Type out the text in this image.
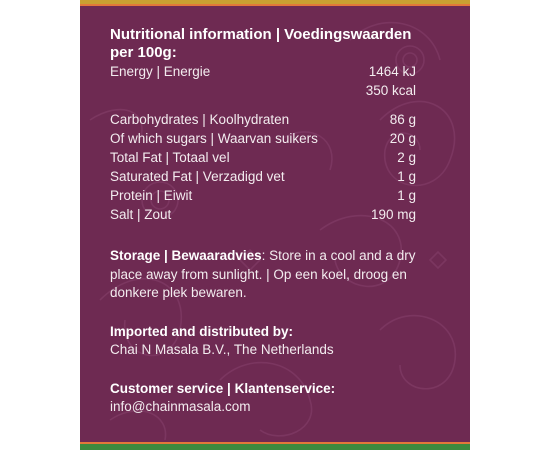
Nutritional information | Voedingswaarden
per 100g:
Energy | Energie	1464 kJ
350 kcal
Carbohydrates | Koolhydraten	86 g
Of which sugars | Waarvan suikers	20 g
Total Fat | Totaal vel	2 g
Saturated Fat | Verzadigd vet	1 g
Protein | Eiwit	1 g
Salt | Zout	190 mg

Storage | Bewaaradvies: Store in a cool and a dry

place away from sunlight. | Op een koel, droog en

donkere plek bewaren.

Imported and distributed by:

Chai N Masala B.V., The Netherlands

Customer service | Klantenservice:

info@chainmasala.com
